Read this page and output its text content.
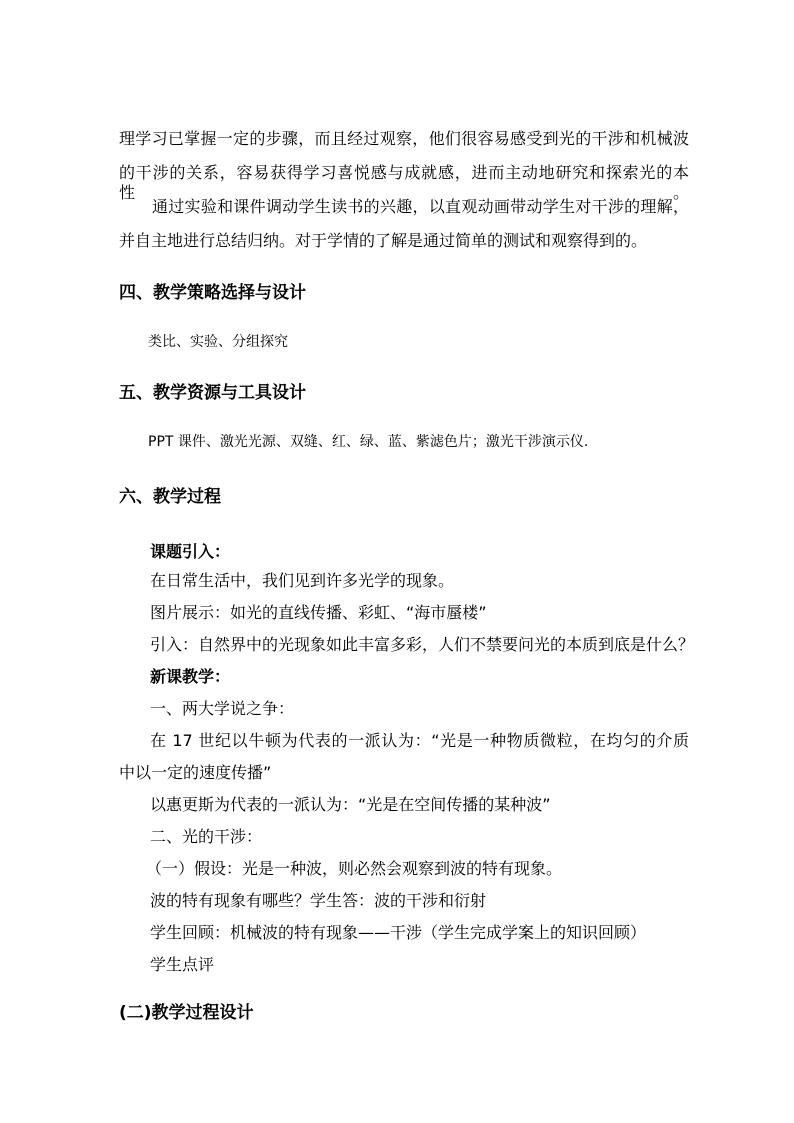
理学习已掌握一定的步骤，而且经过观察，他们很容易感受到光的干涉和机械波
的干涉的关系，容易获得学习喜悦感与成就感，进而主动地研究和探索光的本性。
通过实验和课件调动学生读书的兴趣，以直观动画带动学生对干涉的理解，
并自主地进行总结归纳。对于学情的了解是通过简单的测试和观察得到的。
四、教学策略选择与设计
类比、实验、分组探究
五、教学资源与工具设计
PPT 课件、激光光源、双缝、红、绿、蓝、紫滤色片；激光干涉演示仪.
六、教学过程
课题引入：
在日常生活中，我们见到许多光学的现象。
图片展示：如光的直线传播、彩虹、“海市蜃楼”
引入：自然界中的光现象如此丰富多彩，人们不禁要问光的本质到底是什么？
新课教学：
一、两大学说之争：
在 17 世纪以牛顿为代表的一派认为：“光是一种物质微粒，在均匀的介质
中以一定的速度传播”
以惠更斯为代表的一派认为：“光是在空间传播的某种波”
二、光的干涉：
（一）假设：光是一种波，则必然会观察到波的特有现象。
波的特有现象有哪些？学生答：波的干涉和衍射
学生回顾：机械波的特有现象——干涉（学生完成学案上的知识回顾）
学生点评
(二)教学过程设计
